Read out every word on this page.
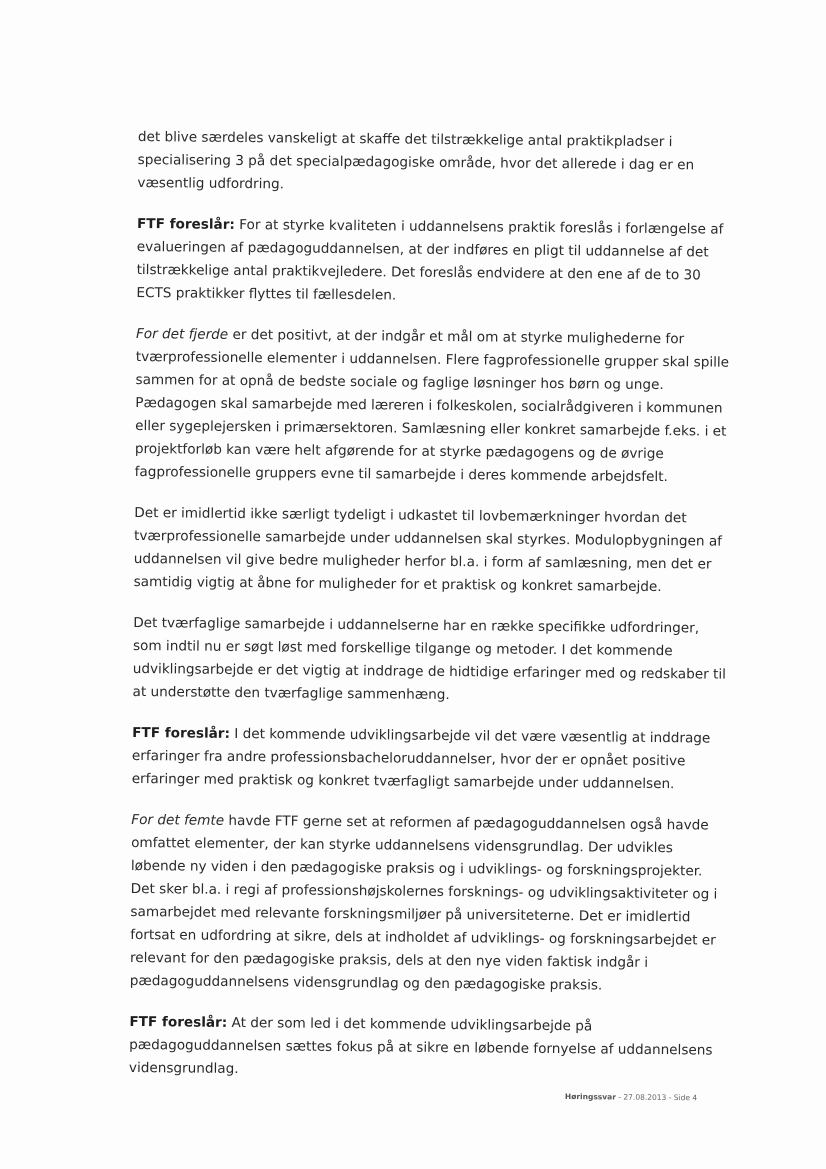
det blive særdeles vanskeligt at skaffe det tilstrækkelige antal praktikpladser i specialisering 3 på det specialpædagogiske område, hvor det allerede i dag er en væsentlig udfordring.

FTF foreslår: For at styrke kvaliteten i uddannelsens praktik foreslås i forlængelse af evalueringen af pædagoguddannelsen, at der indføres en pligt til uddannelse af det tilstrækkelige antal praktikvejledere. Det foreslås endvidere at den ene af de to 30 ECTS praktikker flyttes til fællesdelen.

For det fjerde er det positivt, at der indgår et mål om at styrke mulighederne for tværprofessionelle elementer i uddannelsen. Flere fagprofessionelle grupper skal spille sammen for at opnå de bedste sociale og faglige løsninger hos børn og unge. Pædagogen skal samarbejde med læreren i folkeskolen, socialrådgiveren i kommunen eller sygeplejersken i primærsektoren. Samlæsning eller konkret samarbejde f.eks. i et projektforløb kan være helt afgørende for at styrke pædagogens og de øvrige fagprofessionelle gruppers evne til samarbejde i deres kommende arbejdsfelt.

Det er imidlertid ikke særligt tydeligt i udkastet til lovbemærkninger hvordan det tværprofessionelle samarbejde under uddannelsen skal styrkes. Modulopbygningen af uddannelsen vil give bedre muligheder herfor bl.a. i form af samlæsning, men det er samtidig vigtig at åbne for muligheder for et praktisk og konkret samarbejde.

Det tværfaglige samarbejde i uddannelserne har en række specifikke udfordringer, som indtil nu er søgt løst med forskellige tilgange og metoder. I det kommende udviklingsarbejde er det vigtig at inddrage de hidtidige erfaringer med og redskaber til at understøtte den tværfaglige sammenhæng.

FTF foreslår: I det kommende udviklingsarbejde vil det være væsentlig at inddrage erfaringer fra andre professionsbacheloruddannelser, hvor der er opnået positive erfaringer med praktisk og konkret tværfagligt samarbejde under uddannelsen.

For det femte havde FTF gerne set at reformen af pædagoguddannelsen også havde omfattet elementer, der kan styrke uddannelsens vidensgrundlag. Der udvikles løbende ny viden i den pædagogiske praksis og i udviklings- og forskningsprojekter. Det sker bl.a. i regi af professionshøjskolernes forsknings- og udviklingsaktiviteter og i samarbejdet med relevante forskningsmiljøer på universiteterne. Det er imidlertid fortsat en udfordring at sikre, dels at indholdet af udviklings- og forskningsarbejdet er relevant for den pædagogiske praksis, dels at den nye viden faktisk indgår i pædagoguddannelsens vidensgrundlag og den pædagogiske praksis.

FTF foreslår: At der som led i det kommende udviklingsarbejde på pædagoguddannelsen sættes fokus på at sikre en løbende fornyelse af uddannelsens vidensgrundlag.

Høringssvar - 27.08.2013 - Side 4
